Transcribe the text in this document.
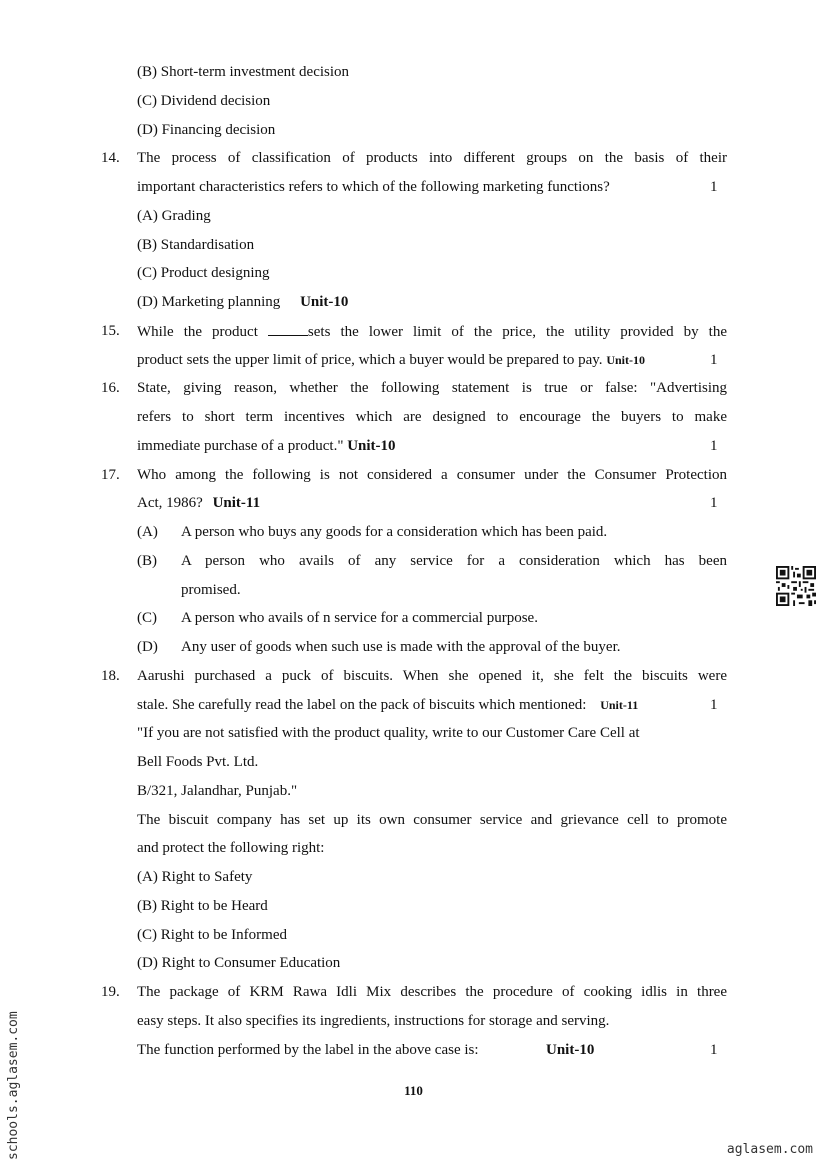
(B) Short-term investment decision
(C) Dividend decision
(D) Financing decision
14. The process of classification of products into different groups on the basis of their
important characteristics refers to which of the following marketing functions?	1
(A) Grading
(B) Standardisation
(C) Product designing
(D) Marketing planning Unit-10
15. While the product	sets the lower limit of the price, the utility provided by the
product sets the upper limit of price, which a buyer would be prepared to pay. Unit-10	1
16. State, giving reason, whether the following statement is true or false: "Advertising
refers to short term incentives which are designed to encourage the buyers to make
immediate purchase of a product." Unit-10	1
17. Who among the following is not considered a consumer under the Consumer Protection
Act, 1986? Unit-11	1
(A) A person who buys any goods for a consideration which has been paid.
(B) A person who avails of any service for a consideration which has been
promised.
(C) A person who avails of n service for a commercial purpose.
(D) Any user of goods when such use is made with the approval of the buyer.
18. Aarushi purchased a puck of biscuits. When she opened it, she felt the biscuits were
stale. She carefully read the label on the pack of biscuits which mentioned: Unit-11	1
"If you are not satisfied with the product quality, write to our Customer Care Cell at
Bell Foods Pvt. Ltd.
B/321, Jalandhar, Punjab."
The biscuit company has set up its own consumer service and grievance cell to promote
and protect the following right:
(A) Right to Safety
(B) Right to be Heard
(C) Right to be Informed
(D) Right to Consumer Education
19. The package of KRM Rawa Idli Mix describes the procedure of cooking idlis in three
easy steps. It also specifies its ingredients, instructions for storage and serving.
The function performed by the label in the above case is:	Unit-10	1
110
schools.aglasem.com	aglasem.com
